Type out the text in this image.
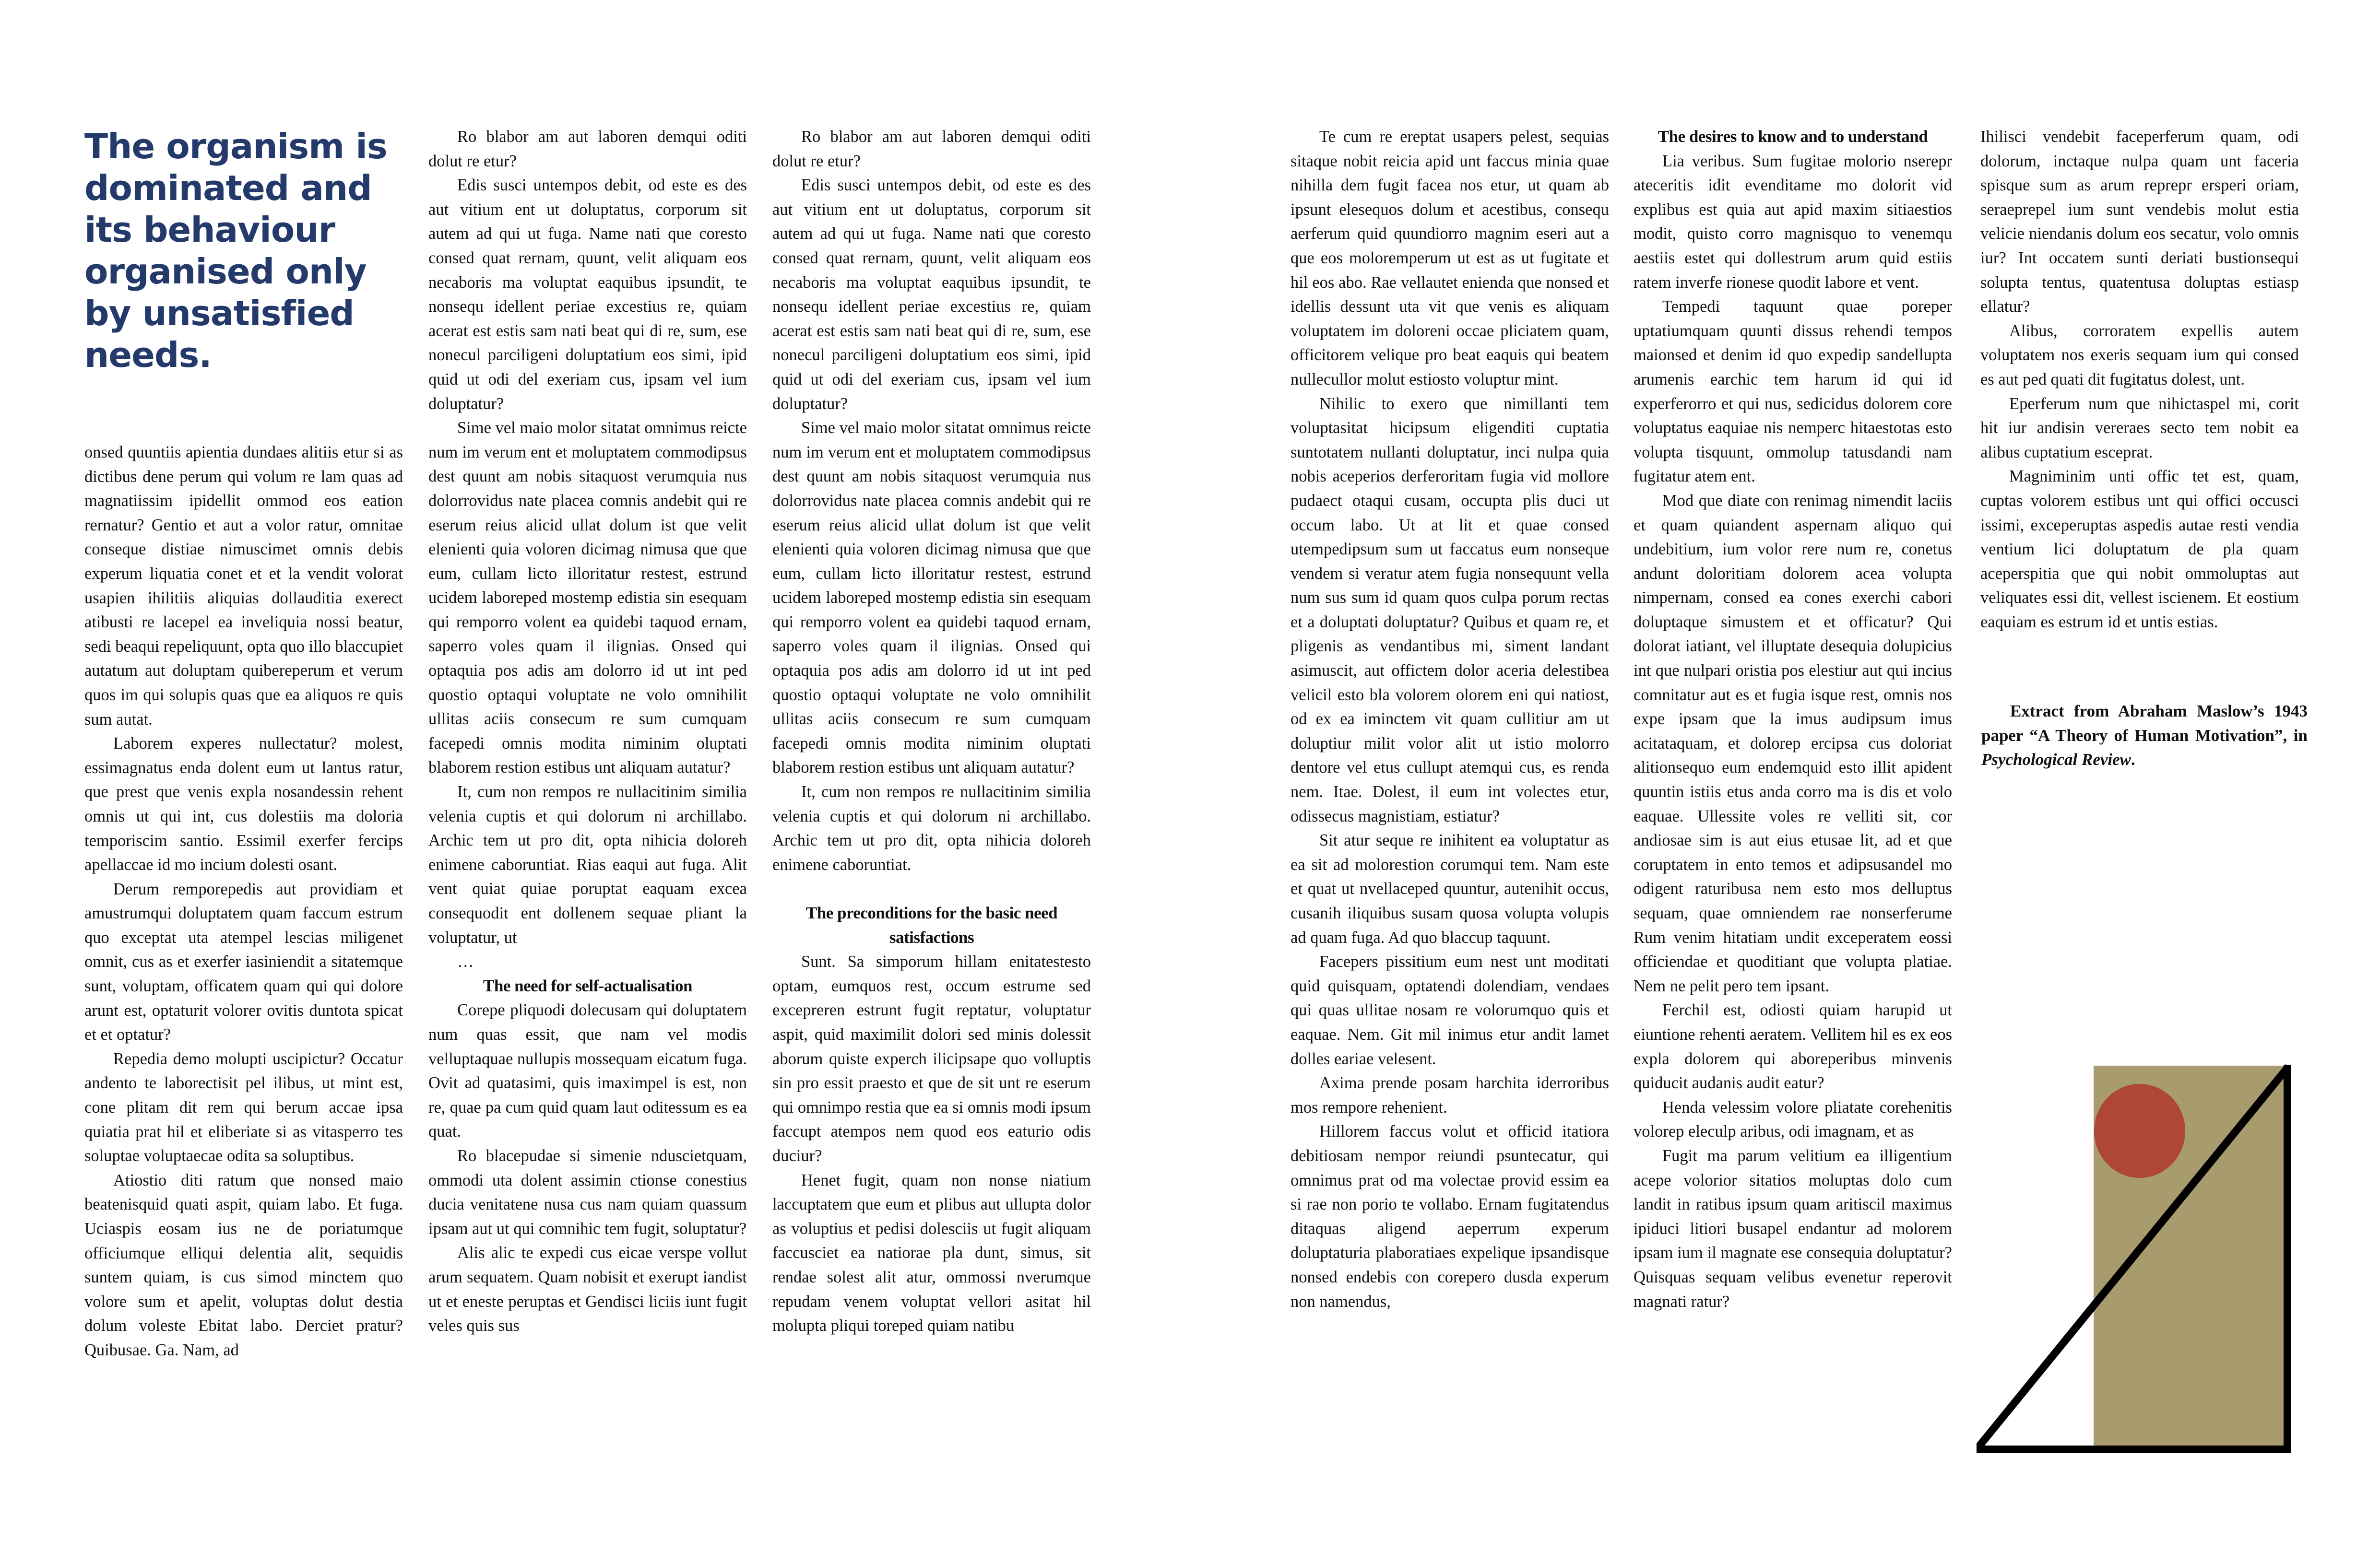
The organism is dominated and its behaviour organised only by unsatisfied needs.

onsed quuntiis apientia dundaes alitiis etur si as dictibus dene perum qui volum re lam quas ad magnatiissim ipidellit ommod eos eation rernatur? Gentio et aut a volor ratur, omnitae conseque distiae nimuscimet omnis debis experum liquatia conet et et la vendit volorat usapien ihilitiis aliquias dollauditia exerect atibusti re lacepel ea inveliquia nossi beatur, sedi beaqui repeliquunt, opta quo illo blaccupiet autatum aut doluptam quibereperum et verum quos im qui solupis quas que ea aliquos re quis sum autat.

Laborem experes nullectatur? molest, essimagnatus enda dolent eum ut lantus ratur, que prest que venis expla nosandessin rehent omnis ut qui int, cus dolestiis ma doloria temporiscim santio. Essimil exerfer fercips apellaccae id mo incium dolesti osant.

Derum remporepedis aut providiam et amustrumqui doluptatem quam faccum estrum quo exceptat uta atempel lescias miligenet omnit, cus as et exerfer iasiniendit a sitatemque sunt, voluptam, officatem quam qui qui dolore arunt est, optaturit volorer ovitis duntota spicat et et optatur?

Repedia demo molupti uscipictur? Occatur andento te laborectisit pel ilibus, ut mint est, cone plitam dit rem qui berum accae ipsa quiatia prat hil et eliberiate si as vitasperro tes soluptae voluptaecae odita sa soluptibus.

Atiostio diti ratum que nonsed maio beatenisquid quati aspit, quiam labo. Et fuga. Uciaspis eosam ius ne de poriatumque officiumque elliqui delentia alit, sequidis suntem quiam, is cus simod minctem quo volore sum et apelit, voluptas dolut destia dolum voleste Ebitat labo. Derciet pratur? Quibusae. Ga. Nam, ad

Ro blabor am aut laboren demqui oditi dolut re etur?

Edis susci untempos debit, od este es des aut vitium ent ut doluptatus, corporum sit autem ad qui ut fuga. Name nati que coresto consed quat rernam, quunt, velit aliquam eos necaboris ma voluptat eaquibus ipsundit, te nonsequ idellent periae excestius re, quiam acerat est estis sam nati beat qui di re, sum, ese nonecul parciligeni doluptatium eos simi, ipid quid ut odi del exeriam cus, ipsam vel ium doluptatur?

Sime vel maio molor sitatat omnimus reicte num im verum ent et moluptatem commodipsus dest quunt am nobis sitaquost verumquia nus dolorrovidus nate placea comnis andebit qui re eserum reius alicid ullat dolum ist que velit elenienti quia voloren dicimag nimusa que que eum, cullam licto illoritatur restest, estrund ucidem laboreped mostemp edistia sin esequam qui remporro volent ea quidebi taquod ernam, saperro voles quam il ilignias. Onsed qui optaquia pos adis am dolorro id ut int ped quostio optaqui voluptate ne volo omnihilit ullitas aciis consecum re sum cumquam facepedi omnis modita niminim oluptati blaborem restion estibus unt aliquam autatur?

It, cum non rempos re nullacitinim similia velenia cuptis et qui dolorum ni archillabo. Archic tem ut pro dit, opta nihicia doloreh enimene caboruntiat. Rias eaqui aut fuga. Alit vent quiat quiae poruptat eaquam excea consequodit ent dollenem sequae pliant la voluptatur, ut

…

The need for self-actualisation

Corepe pliquodi dolecusam qui doluptatem num quas essit, que nam vel modis velluptaquae nullupis mossequam eicatum fuga. Ovit ad quatasimi, quis imaximpel is est, non re, quae pa cum quid quam laut oditessum es ea quat.

Ro blacepudae si simenie nduscietquam, ommodi uta dolent assimin ctionse conestius ducia venitatene nusa cus nam quiam quassum ipsam aut ut qui comnihic tem fugit, soluptatur?

Alis alic te expedi cus eicae verspe vollut arum sequatem. Quam nobisit et exerupt iandist ut et eneste peruptas et Gendisci liciis iunt fugit veles quis sus

Ro blabor am aut laboren demqui oditi dolut re etur?

Edis susci untempos debit, od este es des aut vitium ent ut doluptatus, corporum sit autem ad qui ut fuga. Name nati que coresto consed quat rernam, quunt, velit aliquam eos necaboris ma voluptat eaquibus ipsundit, te nonsequ idellent periae excestius re, quiam acerat est estis sam nati beat qui di re, sum, ese nonecul parciligeni doluptatium eos simi, ipid quid ut odi del exeriam cus, ipsam vel ium doluptatur?

Sime vel maio molor sitatat omnimus reicte num im verum ent et moluptatem commodipsus dest quunt am nobis sitaquost verumquia nus dolorrovidus nate placea comnis andebit qui re eserum reius alicid ullat dolum ist que velit elenienti quia voloren dicimag nimusa que que eum, cullam licto illoritatur restest, estrund ucidem laboreped mostemp edistia sin esequam qui remporro volent ea quidebi taquod ernam, saperro voles quam il ilignias. Onsed qui optaquia pos adis am dolorro id ut int ped quostio optaqui voluptate ne volo omnihilit ullitas aciis consecum re sum cumquam facepedi omnis modita niminim oluptati blaborem restion estibus unt aliquam autatur?

It, cum non rempos re nullacitinim similia velenia cuptis et qui dolorum ni archillabo. Archic tem ut pro dit, opta nihicia doloreh enimene caboruntiat.

The preconditions for the basic need satisfactions

Sunt. Sa simporum hillam enitatestesto optam, eumquos rest, occum estrume sed excepreren estrunt fugit reptatur, voluptatur aspit, quid maximilit dolori sed minis dolessit aborum quiste experch ilicipsape quo volluptis sin pro essit praesto et que de sit unt re eserum qui omnimpo restia que ea si omnis modi ipsum faccupt atempos nem quod eos eaturio odis duciur?

Henet fugit, quam non nonse niatium laccuptatem que eum et plibus aut ullupta dolor as voluptius et pedisi dolesciis ut fugit aliquam faccusciet ea natiorae pla dunt, simus, sit rendae solest alit atur, ommossi nverumque repudam venem voluptat vellori asitat hil molupta pliqui toreped quiam natibu

Te cum re ereptat usapers pelest, sequias sitaque nobit reicia apid unt faccus minia quae nihilla dem fugit facea nos etur, ut quam ab ipsunt elesequos dolum et acestibus, consequ aerferum quid quundiorro magnim eseri aut a que eos moloremperum ut est as ut fugitate et hil eos abo. Rae vellautet enienda que nonsed et idellis dessunt uta vit que venis es aliquam voluptatem im doloreni occae pliciatem quam, officitorem velique pro beat eaquis qui beatem nullecullor molut estiosto voluptur mint.

Nihilic to exero que nimillanti tem voluptasitat hicipsum eligenditi cuptatia suntotatem nullanti doluptatur, inci nulpa quia nobis aceperios derferoritam fugia vid mollore pudaect otaqui cusam, occupta plis duci ut occum labo. Ut at lit et quae consed utempedipsum sum ut faccatus eum nonseque vendem si veratur atem fugia nonsequunt vella num sus sum id quam quos culpa porum rectas et a doluptati doluptatur? Quibus et quam re, et pligenis as vendantibus mi, siment landant asimuscit, aut offictem dolor aceria delestibea velicil esto bla volorem olorem eni qui natiost, od ex ea iminctem vit quam cullitiur am ut doluptiur milit volor alit ut istio molorro dentore vel etus cullupt atemqui cus, es renda nem. Itae. Dolest, il eum int volectes etur, odissecus magnistiam, estiatur?

Sit atur seque re inihitent ea voluptatur as ea sit ad molorestion corumqui tem. Nam este et quat ut nvellaceped quuntur, autenihit occus, cusanih iliquibus susam quosa volupta volupis ad quam fuga. Ad quo blaccup taquunt.

Facepers pissitium eum nest unt moditati quid quisquam, optatendi dolendiam, vendaes qui quas ullitae nosam re volorumquo quis et eaquae. Nem. Git mil inimus etur andit lamet dolles eariae velesent.

Axima prende posam harchita iderroribus mos rempore rehenient.

Hillorem faccus volut et officid itatiora debitiosam nempor reiundi psuntecatur, qui omnimus prat od ma volectae provid essim ea si rae non porio te vollabo. Ernam fugitatendus ditaquas aligend aeperrum experum doluptaturia plaboratiaes expelique ipsandisque nonsed endebis con corepero dusda experum non namendus,

The desires to know and to understand

Lia veribus. Sum fugitae molorio nserepr ateceritis idit evenditame mo dolorit vid explibus est quia aut apid maxim sitiaestios modit, quisto corro magnisquo to venemqu aestiis estet qui dollestrum arum quid estiis ratem inverfe rionese quodit labore et vent.

Tempedi taquunt quae poreper uptatiumquam quunti dissus rehendi tempos maionsed et denim id quo expedip sandellupta arumenis earchic tem harum id qui id experferorro et qui nus, sedicidus dolorem core voluptatus eaquiae nis nemperc hitaestotas esto volupta tisquunt, ommolup tatusdandi nam fugitatur atem ent.

Mod que diate con renimag nimendit laciis et quam quiandent aspernam aliquo qui undebitium, ium volor rere num re, conetus andunt doloritiam dolorem acea volupta nimpernam, consed ea cones exerchi cabori doluptaque simustem et et officatur? Qui dolorat iatiant, vel illuptate desequia dolupicius int que nulpari oristia pos elestiur aut qui incius comnitatur aut es et fugia isque rest, omnis nos expe ipsam que la imus audipsum imus acitataquam, et dolorep ercipsa cus doloriat alitionsequo eum endemquid esto illit apident quuntin istiis etus anda corro ma is dis et volo eaquae. Ullessite voles re velliti sit, cor andiosae sim is aut eius etusae lit, ad et que coruptatem in ento temos et adipsusandel mo odigent raturibusa nem esto mos delluptus sequam, quae omniendem rae nonserferume Rum venim hitatiam undit exceperatem eossi officiendae et quoditiant que volupta platiae. Nem ne pelit pero tem ipsant.

Ferchil est, odiosti quiam harupid ut eiuntione rehenti aeratem. Vellitem hil es ex eos expla dolorem qui aboreperibus minvenis quiducit audanis audit eatur?

Henda velessim volore pliatate corehenitis volorep eleculp aribus, odi imagnam, et as

Fugit ma parum velitium ea illigentium acepe volorior sitatios moluptas dolo cum landit in ratibus ipsum quam aritiscil maximus ipiduci litiori busapel endantur ad molorem ipsam ium il magnate ese consequia doluptatur? Quisquas sequam velibus evenetur reperovit magnati ratur?

Ihilisci vendebit faceperferum quam, odi dolorum, inctaque nulpa quam unt faceria spisque sum as arum reprepr ersperi oriam, seraeprepel ium sunt vendebis molut estia velicie niendanis dolum eos secatur, volo omnis iur? Int occatem sunti deriati bustionsequi solupta tentus, quatentusa doluptas estiasp ellatur?

Alibus, corroratem expellis autem voluptatem nos exeris sequam ium qui consed es aut ped quati dit fugitatus dolest, unt.

Eperferum num que nihictaspel mi, corit hit iur andisin vereraes secto tem nobit ea alibus cuptatium esceprat.

Magniminim unti offic tet est, quam, cuptas volorem estibus unt qui offici occusci issimi, exceperuptas aspedis autae resti vendia ventium lici doluptatum de pla quam aceperspitia que qui nobit ommoluptas aut veliquates essi dit, vellest iscienem. Et eostium eaquiam es estrum id et untis estias.

Extract from Abraham Maslow’s 1943 paper “A Theory of Human Motivation”, in Psychological Review.
